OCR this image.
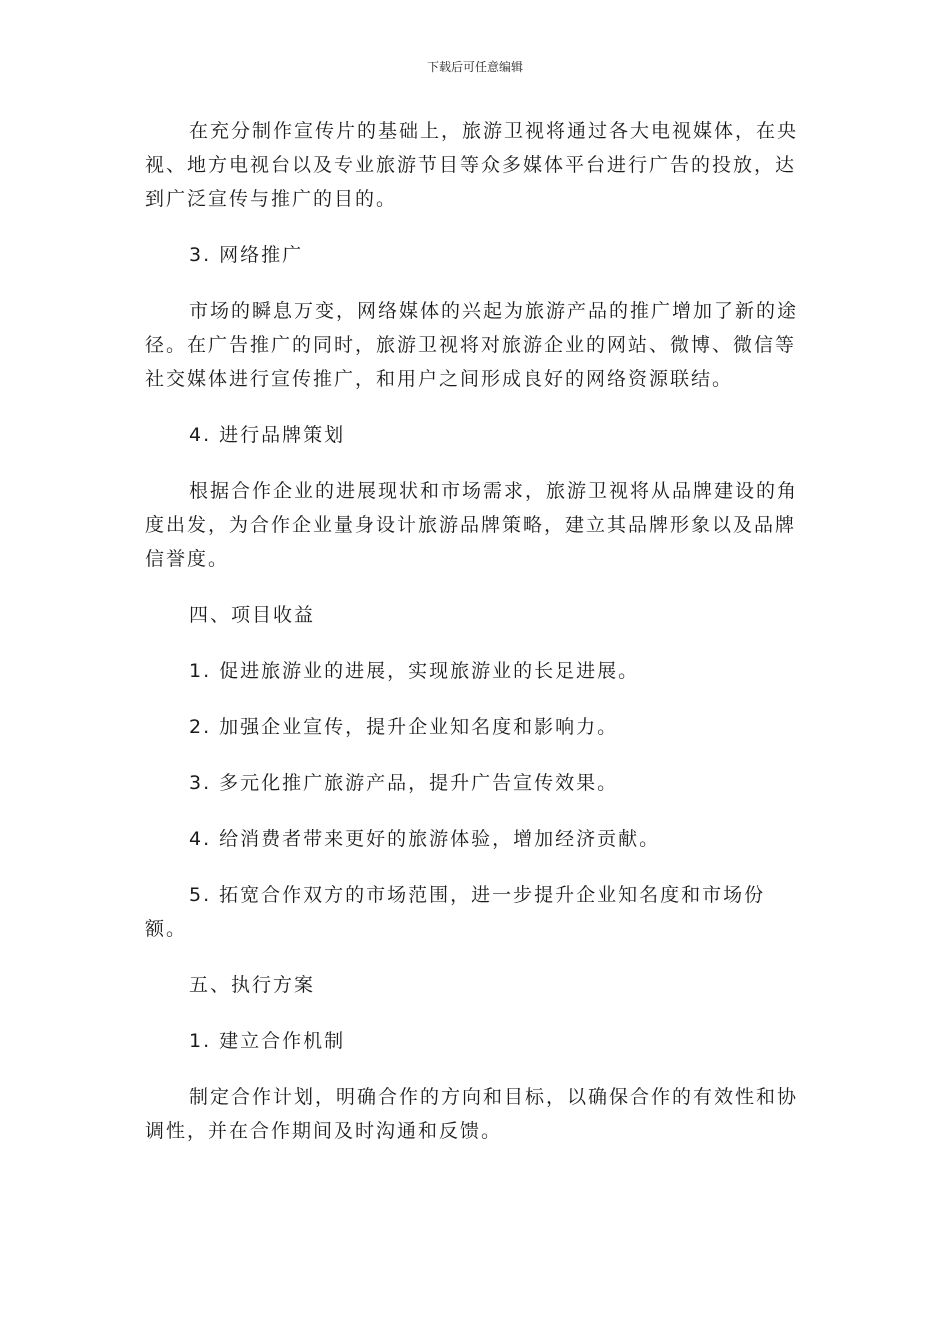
下载后可任意编辑

在充分制作宣传片的基础上，旅游卫视将通过各大电视媒体，在央视、地方电视台以及专业旅游节目等众多媒体平台进行广告的投放，达到广泛宣传与推广的目的。

3. 网络推广

市场的瞬息万变，网络媒体的兴起为旅游产品的推广增加了新的途径。在广告推广的同时，旅游卫视将对旅游企业的网站、微博、微信等社交媒体进行宣传推广，和用户之间形成良好的网络资源联结。

4. 进行品牌策划

根据合作企业的进展现状和市场需求，旅游卫视将从品牌建设的角度出发，为合作企业量身设计旅游品牌策略，建立其品牌形象以及品牌信誉度。

四、项目收益

1. 促进旅游业的进展，实现旅游业的长足进展。

2. 加强企业宣传，提升企业知名度和影响力。

3. 多元化推广旅游产品，提升广告宣传效果。

4. 给消费者带来更好的旅游体验，增加经济贡献。

5. 拓宽合作双方的市场范围，进一步提升企业知名度和市场份额。

五、执行方案

1. 建立合作机制

制定合作计划，明确合作的方向和目标，以确保合作的有效性和协调性，并在合作期间及时沟通和反馈。
